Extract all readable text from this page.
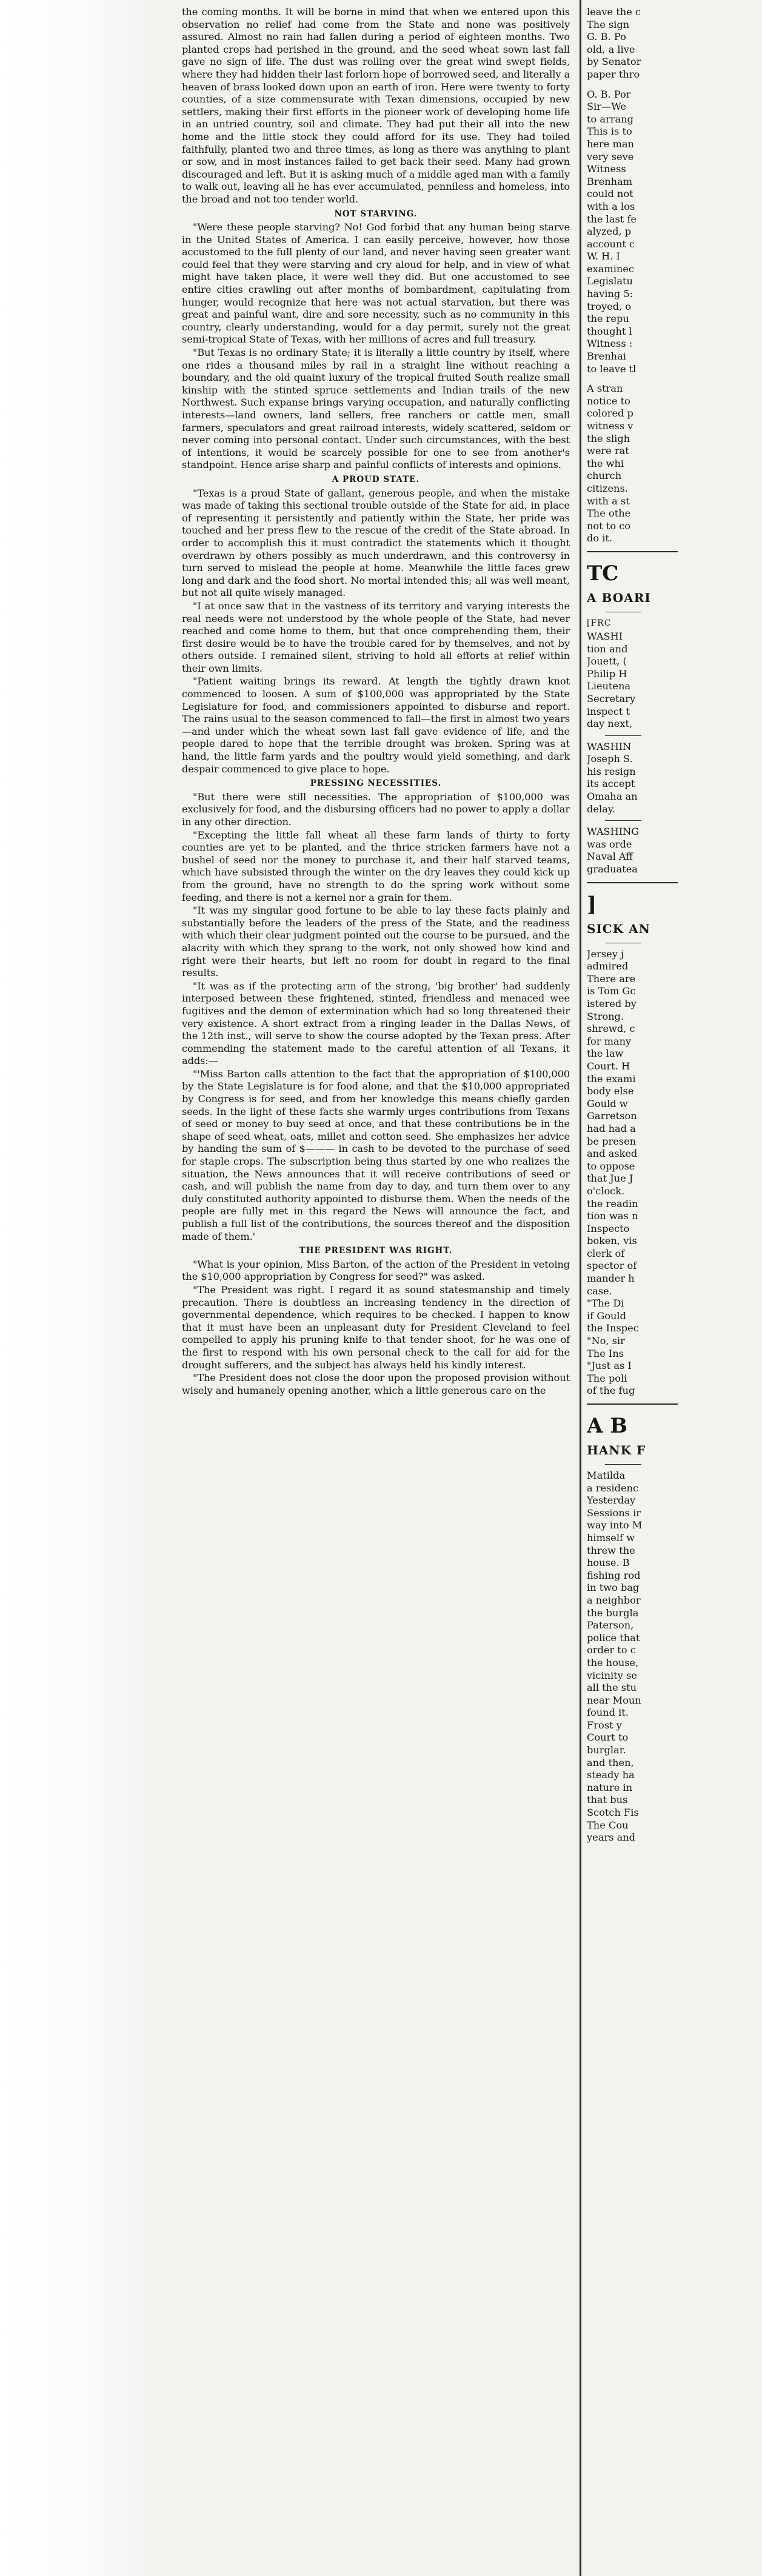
the coming months. It will be borne in mind that when we entered upon this observation no relief had come from the State and none was positively assured. Almost no rain had fallen during a period of eighteen months. Two planted crops had perished in the ground, and the seed wheat sown last fall gave no sign of life. The dust was rolling over the great wind swept fields, where they had hidden their last forlorn hope of borrowed seed, and literally a heaven of brass looked down upon an earth of iron. Here were twenty to forty counties, of a size commensurate with Texan dimensions, occupied by new settlers, making their first efforts in the pioneer work of developing home life in an untried country, soil and climate. They had put their all into the new home and the little stock they could afford for its use. They had toiled faithfully, planted two and three times, as long as there was anything to plant or sow, and in most instances failed to get back their seed. Many had grown discouraged and left. But it is asking much of a middle aged man with a family to walk out, leaving all he has ever accumulated, penniless and homeless, into the broad and not too tender world.

NOT STARVING.

"Were these people starving? No! God forbid that any human being starve in the United States of America. I can easily perceive, however, how those accustomed to the full plenty of our land, and never having seen greater want could feel that they were starving and cry aloud for help, and in view of what might have taken place, it were well they did. But one accustomed to see entire cities crawling out after months of bombardment, capitulating from hunger, would recognize that here was not actual starvation, but there was great and painful want, dire and sore necessity, such as no community in this country, clearly understanding, would for a day permit, surely not the great semi-tropical State of Texas, with her millions of acres and full treasury.

"But Texas is no ordinary State; it is literally a little country by itself, where one rides a thousand miles by rail in a straight line without reaching a boundary, and the old quaint luxury of the tropical fruited South realize small kinship with the stinted spruce settlements and Indian trails of the new Northwest. Such expanse brings varying occupation, and naturally conflicting interests—land owners, land sellers, free ranchers or cattle men, small farmers, speculators and great railroad interests, widely scattered, seldom or never coming into personal contact. Under such circumstances, with the best of intentions, it would be scarcely possible for one to see from another's standpoint. Hence arise sharp and painful conflicts of interests and opinions.

A PROUD STATE.

"Texas is a proud State of gallant, generous people, and when the mistake was made of taking this sectional trouble outside of the State for aid, in place of representing it persistently and patiently within the State, her pride was touched and her press flew to the rescue of the credit of the State abroad. In order to accomplish this it must contradict the statements which it thought overdrawn by others possibly as much underdrawn, and this controversy in turn served to mislead the people at home. Meanwhile the little faces grew long and dark and the food short. No mortal intended this; all was well meant, but not all quite wisely managed.

"I at once saw that in the vastness of its territory and varying interests the real needs were not understood by the whole people of the State, had never reached and come home to them, but that once comprehending them, their first desire would be to have the trouble cared for by themselves, and not by others outside. I remained silent, striving to hold all efforts at relief within their own limits.

"Patient waiting brings its reward. At length the tightly drawn knot commenced to loosen. A sum of $100,000 was appropriated by the State Legislature for food, and commissioners appointed to disburse and report. The rains usual to the season commenced to fall—the first in almost two years—and under which the wheat sown last fall gave evidence of life, and the people dared to hope that the terrible drought was broken. Spring was at hand, the little farm yards and the poultry would yield something, and dark despair commenced to give place to hope.

PRESSING NECESSITIES.

"But there were still necessities. The appropriation of $100,000 was exclusively for food, and the disbursing officers had no power to apply a dollar in any other direction.

"Excepting the little fall wheat all these farm lands of thirty to forty counties are yet to be planted, and the thrice stricken farmers have not a bushel of seed nor the money to purchase it, and their half starved teams, which have subsisted through the winter on the dry leaves they could kick up from the ground, have no strength to do the spring work without some feeding, and there is not a kernel nor a grain for them.

"It was my singular good fortune to be able to lay these facts plainly and substantially before the leaders of the press of the State, and the readiness with which their clear judgment pointed out the course to be pursued, and the alacrity with which they sprang to the work, not only showed how kind and right were their hearts, but left no room for doubt in regard to the final results.

"It was as if the protecting arm of the strong, 'big brother' had suddenly interposed between these frightened, stinted, friendless and menaced wee fugitives and the demon of extermination which had so long threatened their very existence. A short extract from a ringing leader in the Dallas News, of the 12th inst., will serve to show the course adopted by the Texan press. After commending the statement made to the careful attention of all Texans, it adds:—

"'Miss Barton calls attention to the fact that the appropriation of $100,000 by the State Legislature is for food alone, and that the $10,000 appropriated by Congress is for seed, and from her knowledge this means chiefly garden seeds. In the light of these facts she warmly urges contributions from Texans of seed or money to buy seed at once, and that these contributions be in the shape of seed wheat, oats, millet and cotton seed. She emphasizes her advice by handing the sum of $——— in cash to be devoted to the purchase of seed for staple crops. The subscription being thus started by one who realizes the situation, the News announces that it will receive contributions of seed or cash, and will publish the name from day to day, and turn them over to any duly constituted authority appointed to disburse them. When the needs of the people are fully met in this regard the News will announce the fact, and publish a full list of the contributions, the sources thereof and the disposition made of them.'

THE PRESIDENT WAS RIGHT.

"What is your opinion, Miss Barton, of the action of the President in vetoing the $10,000 appropriation by Congress for seed?" was asked.

"The President was right. I regard it as sound statesmanship and timely precaution. There is doubtless an increasing tendency in the direction of governmental dependence, which requires to be checked. I happen to know that it must have been an unpleasant duty for President Cleveland to feel compelled to apply his pruning knife to that tender shoot, for he was one of the first to respond with his own personal check to the call for aid for the drought sufferers, and the subject has always held his kindly interest.

"The President does not close the door upon the proposed provision without wisely and humanely opening another, which a little generous care on the

leave the c
The sign
G. B. Po
old, a live
by Senator
paper thro
O. B. Por
Sir—We
to arrang
This is to
here man
very seve
Witness
Brenham
could not
with a los
the last fe
alyzed, p
account c
W. H. I
examinec
Legislatu
having 5:
troyed, o
the repu
thought l
Witness :
Brenhai
to leave tl
A stran
notice to
colored p
witness v
the sligh
were rat
the whi
church
citizens.
with a st
The othe
not to co
do it.
TC
A BOARI
[FRC
WASHI
tion and
Jouett, (
Philip H
Lieutena
Secretary
inspect t
day next,
WASHIN
Joseph S.
his resign
its accept
Omaha an
delay.
WASHING
was orde
Naval Aff
graduatea
]
SICK AN
Jersey j
admired
There are
is Tom Gc
istered by
Strong.
shrewd, c
for many
the law
Court. H
the exami
body else
Gould w
Garretson
had had a
be presen
and asked
to oppose
that Jue J
o'clock.
the readin
tion was n
Inspecto
boken, vis
clerk of
spector of
mander h
case.
"The Di
if Gould
the Inspec
"No, sir
The Ins
"Just as I
The poli
of the fug
A B
HANK F
Matilda
a residenc
Yesterday
Sessions ir
way into M
himself w
threw the
house. B
fishing rod
in two bag
a neighbor
the burgla
Paterson,
police that
order to c
the house,
vicinity se
all the stu
near Moun
found it.
Frost y
Court to
burglar.
and then,
steady ha
nature in
that bus
Scotch Fis
The Cou
years and
